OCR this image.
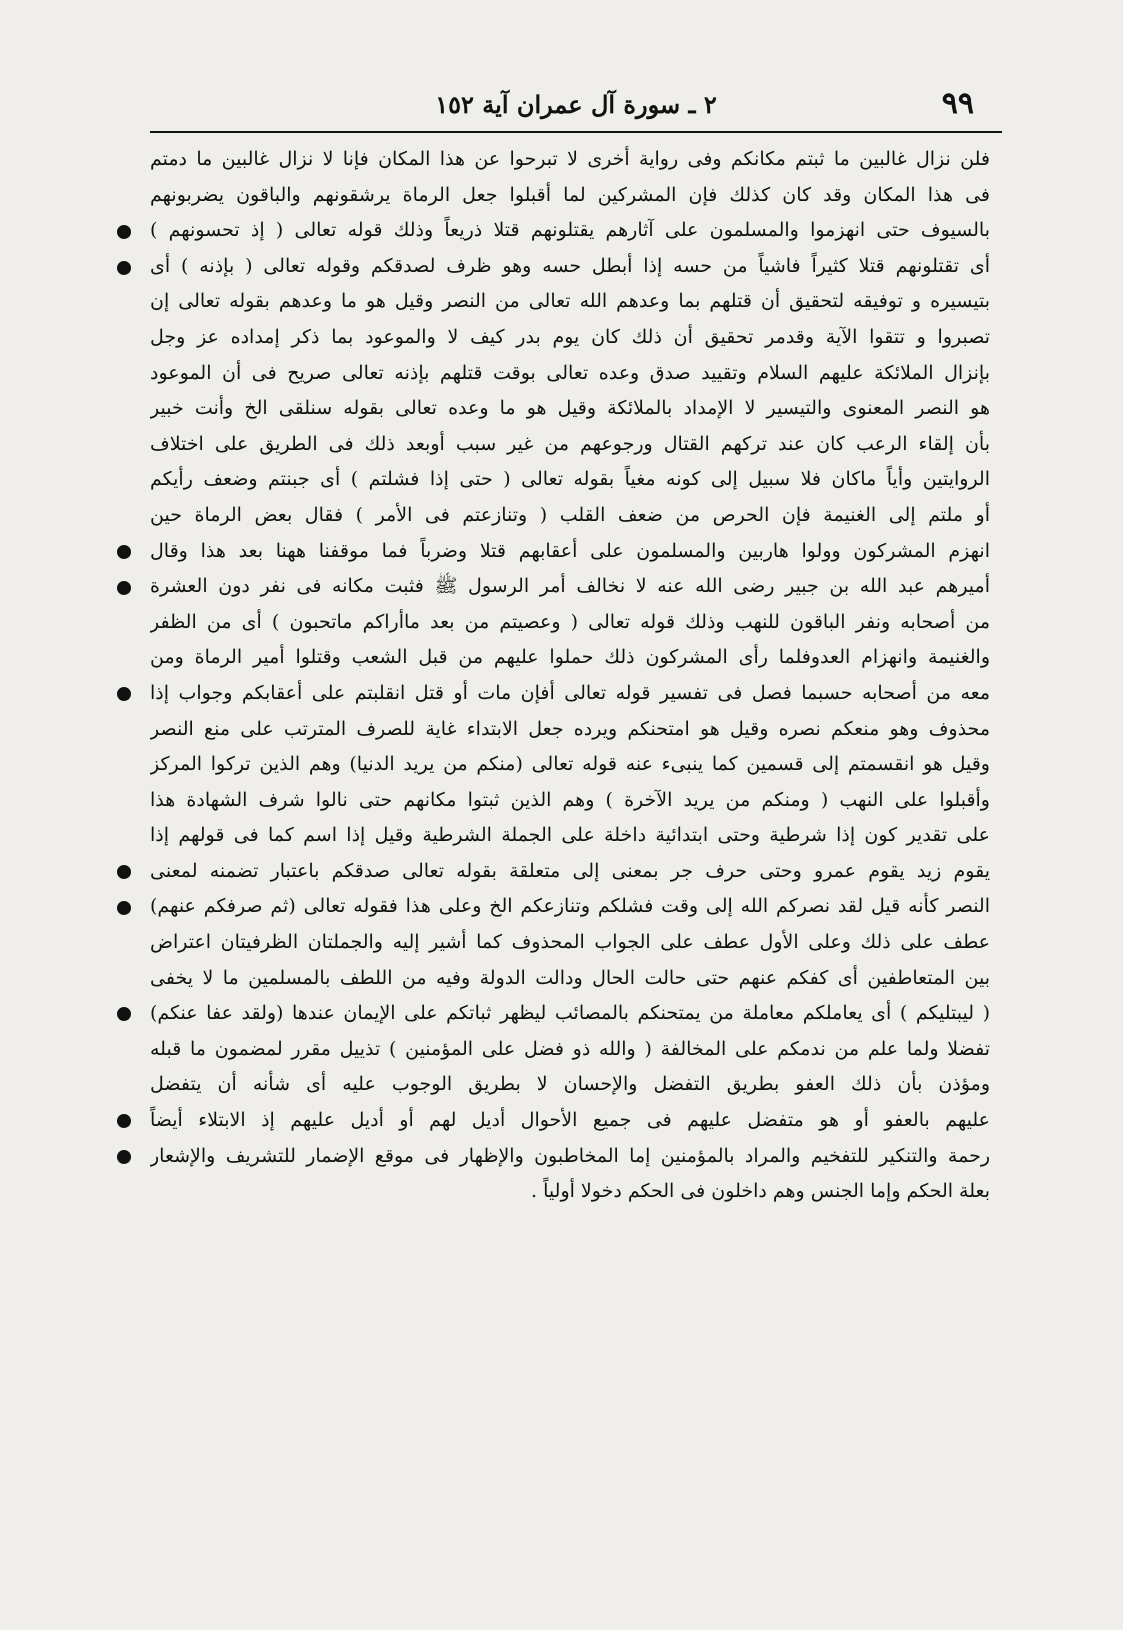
٩٩
٢ ـ سورة آل عمران آية ١٥٢
فلن نزال غالبين ما ثبتم مكانكم وفى رواية أخرى لا تبرحوا عن هذا المكان فإنا لا نزال غالبين ما دمتم
فى هذا المكان وقد كان كذلك فإن المشركين لما أقبلوا جعل الرماة يرشقونهم والباقون يضربونهم
بالسيوف حتى انهزموا والمسلمون على آثارهم يقتلونهم قتلا ذريعاً وذلك قوله تعالى ( إذ تحسونهم )
أى تقتلونهم قتلا كثيراً فاشياً من حسه إذا أبطل حسه وهو ظرف لصدقكم وقوله تعالى ( بإذنه ) أى
بتيسيره و توفيقه لتحقيق أن قتلهم بما وعدهم الله تعالى من النصر وقيل هو ما وعدهم بقوله تعالى إن
تصبروا و تتقوا الآية وقدمر تحقيق أن ذلك كان يوم بدر كيف لا والموعود بما ذكر إمداده عز وجل
بإنزال الملائكة عليهم السلام وتقييد صدق وعده تعالى بوقت قتلهم بإذنه تعالى صريح فى أن الموعود
هو النصر المعنوى والتيسير لا الإمداد بالملائكة وقيل هو ما وعده تعالى بقوله سنلقى الخ وأنت خبير
بأن إلقاء الرعب كان عند تركهم القتال ورجوعهم من غير سبب أوبعد ذلك فى الطريق على اختلاف
الروايتين وأياً ماكان فلا سبيل إلى كونه مغياً بقوله تعالى ( حتى إذا فشلتم ) أى جبنتم وضعف رأيكم
أو ملتم إلى الغنيمة فإن الحرص من ضعف القلب ( وتنازعتم فى الأمر ) فقال بعض الرماة حين
انهزم المشركون وولوا هاربين والمسلمون على أعقابهم قتلا وضرباً فما موقفنا ههنا بعد هذا وقال
أميرهم عبد الله بن جبير رضى الله عنه لا نخالف أمر الرسول ﷺ فثبت مكانه فى نفر دون العشرة
من أصحابه ونفر الباقون للنهب وذلك قوله تعالى ( وعصيتم من بعد ماأراكم ماتحبون ) أى من الظفر
والغنيمة وانهزام العدوفلما رأى المشركون ذلك حملوا عليهم من قبل الشعب وقتلوا أمير الرماة ومن
معه من أصحابه حسبما فصل فى تفسير قوله تعالى أفإن مات أو قتل انقلبتم على أعقابكم وجواب إذا
محذوف وهو منعكم نصره وقيل هو امتحنكم ويرده جعل الابتداء غاية للصرف المترتب على منع النصر
وقيل هو انقسمتم إلى قسمين كما ينبىء عنه قوله تعالى (منكم من يريد الدنيا) وهم الذين تركوا المركز
وأقبلوا على النهب ( ومنكم من يريد الآخرة ) وهم الذين ثبتوا مكانهم حتى نالوا شرف الشهادة هذا
على تقدير كون إذا شرطية وحتى ابتدائية داخلة على الجملة الشرطية وقيل إذا اسم كما فى قولهم إذا
يقوم زيد يقوم عمرو وحتى حرف جر بمعنى إلى متعلقة بقوله تعالى صدقكم باعتبار تضمنه لمعنى
النصر كأنه قيل لقد نصركم الله إلى وقت فشلكم وتنازعكم الخ وعلى هذا فقوله تعالى (ثم صرفكم عنهم)
عطف على ذلك وعلى الأول عطف على الجواب المحذوف كما أشير إليه والجملتان الظرفيتان اعتراض
بين المتعاطفين أى كفكم عنهم حتى حالت الحال ودالت الدولة وفيه من اللطف بالمسلمين ما لا يخفى
( ليبتليكم ) أى يعاملكم معاملة من يمتحنكم بالمصائب ليظهر ثباتكم على الإيمان عندها (ولقد عفا عنكم)
تفضلا ولما علم من ندمكم على المخالفة ( والله ذو فضل على المؤمنين ) تذييل مقرر لمضمون ما قبله
ومؤذن بأن ذلك العفو بطريق التفضل والإحسان لا بطريق الوجوب عليه أى شأنه أن يتفضل
عليهم بالعفو أو هو متفضل عليهم فى جميع الأحوال أديل لهم أو أديل عليهم إذ الابتلاء أيضاً
رحمة والتنكير للتفخيم والمراد بالمؤمنين إما المخاطبون والإظهار فى موقع الإضمار للتشريف والإشعار
بعلة الحكم وإما الجنس وهم داخلون فى الحكم دخولا أولياً .
